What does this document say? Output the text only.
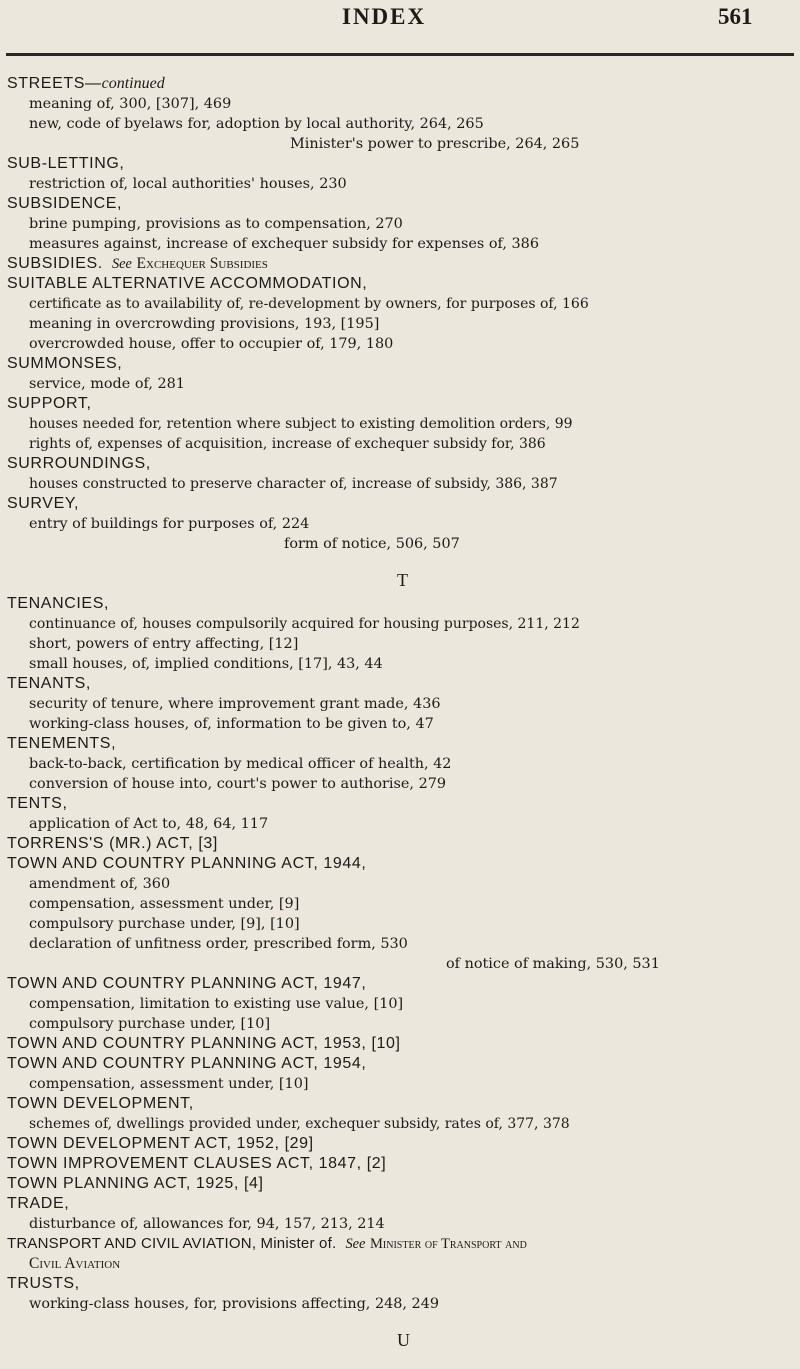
INDEX	561
STREETS—continued
meaning of, 300, [307], 469
new, code of byelaws for, adoption by local authority, 264, 265
Minister's power to prescribe, 264, 265
SUB-LETTING,
restriction of, local authorities' houses, 230
SUBSIDENCE,
brine pumping, provisions as to compensation, 270
measures against, increase of exchequer subsidy for expenses of, 386
SUBSIDIES. See Exchequer Subsidies
SUITABLE ALTERNATIVE ACCOMMODATION,
certificate as to availability of, re-development by owners, for purposes of, 166
meaning in overcrowding provisions, 193, [195]
overcrowded house, offer to occupier of, 179, 180
SUMMONSES,
service, mode of, 281
SUPPORT,
houses needed for, retention where subject to existing demolition orders, 99
rights of, expenses of acquisition, increase of exchequer subsidy for, 386
SURROUNDINGS,
houses constructed to preserve character of, increase of subsidy, 386, 387
SURVEY,
entry of buildings for purposes of, 224
form of notice, 506, 507
T
TENANCIES,
continuance of, houses compulsorily acquired for housing purposes, 211, 212
short, powers of entry affecting, [12]
small houses, of, implied conditions, [17], 43, 44
TENANTS,
security of tenure, where improvement grant made, 436
working-class houses, of, information to be given to, 47
TENEMENTS,
back-to-back, certification by medical officer of health, 42
conversion of house into, court's power to authorise, 279
TENTS,
application of Act to, 48, 64, 117
TORRENS'S (MR.) ACT, [3]
TOWN AND COUNTRY PLANNING ACT, 1944,
amendment of, 360
compensation, assessment under, [9]
compulsory purchase under, [9], [10]
declaration of unfitness order, prescribed form, 530
of notice of making, 530, 531
TOWN AND COUNTRY PLANNING ACT, 1947,
compensation, limitation to existing use value, [10]
compulsory purchase under, [10]
TOWN AND COUNTRY PLANNING ACT, 1953, [10]
TOWN AND COUNTRY PLANNING ACT, 1954,
compensation, assessment under, [10]
TOWN DEVELOPMENT,
schemes of, dwellings provided under, exchequer subsidy, rates of, 377, 378
TOWN DEVELOPMENT ACT, 1952, [29]
TOWN IMPROVEMENT CLAUSES ACT, 1847, [2]
TOWN PLANNING ACT, 1925, [4]
TRADE,
disturbance of, allowances for, 94, 157, 213, 214
TRANSPORT AND CIVIL AVIATION, Minister of. See Minister of Transport and
Civil Aviation
TRUSTS,
working-class houses, for, provisions affecting, 248, 249
U
